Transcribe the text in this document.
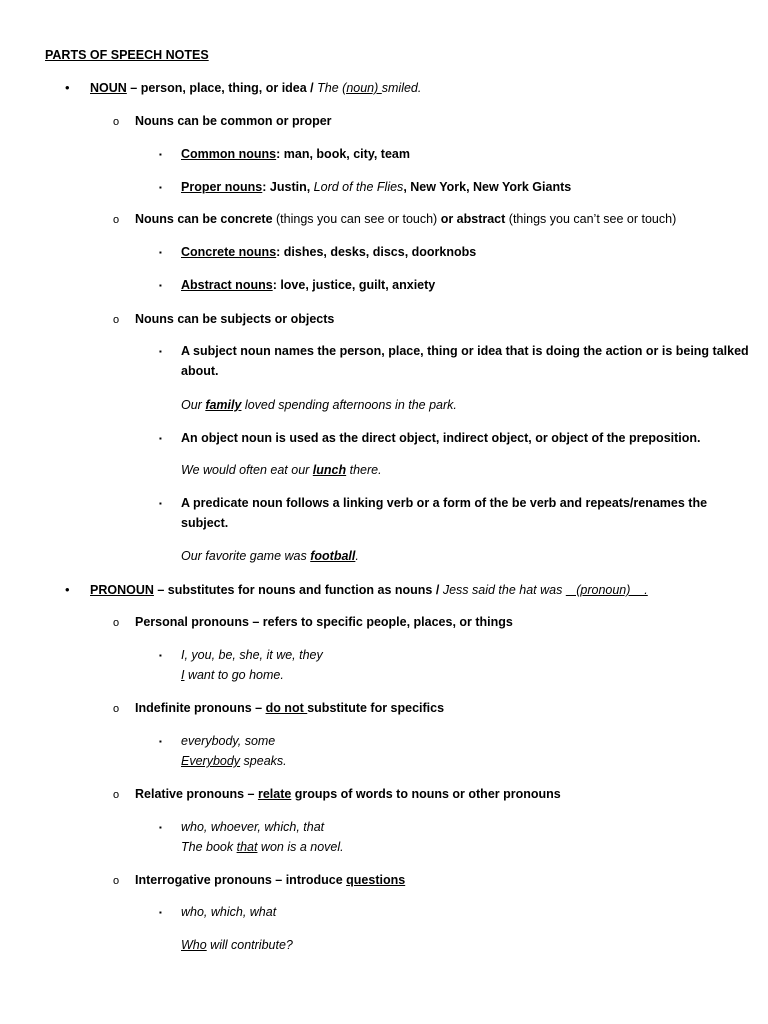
PARTS OF SPEECH NOTES
• NOUN – person, place, thing, or idea / The (noun) smiled.
o Nouns can be common or proper
▪ Common nouns: man, book, city, team
▪ Proper nouns: Justin, Lord of the Flies, New York, New York Giants
o Nouns can be concrete (things you can see or touch) or abstract (things you can’t see or touch)
▪ Concrete nouns: dishes, desks, discs, doorknobs
▪ Abstract nouns: love, justice, guilt, anxiety
o Nouns can be subjects or objects
▪ A subject noun names the person, place, thing or idea that is doing the action or is being talked
about.
Our family loved spending afternoons in the park.
▪ An object noun is used as the direct object, indirect object, or object of the preposition.
We would often eat our lunch there.
▪ A predicate noun follows a linking verb or a form of the be verb and repeats/renames the
subject.
Our favorite game was football.
• PRONOUN – substitutes for nouns and function as nouns / Jess said the hat was    (pronoun)    .
o Personal pronouns – refers to specific people, places, or things
▪ I, you, be, she, it we, they
I want to go home.
o Indefinite pronouns – do not substitute for specifics
▪ everybody, some
Everybody speaks.
o Relative pronouns – relate groups of words to nouns or other pronouns
▪ who, whoever, which, that
The book that won is a novel.
o Interrogative pronouns – introduce questions
▪ who, which, what
Who will contribute?
